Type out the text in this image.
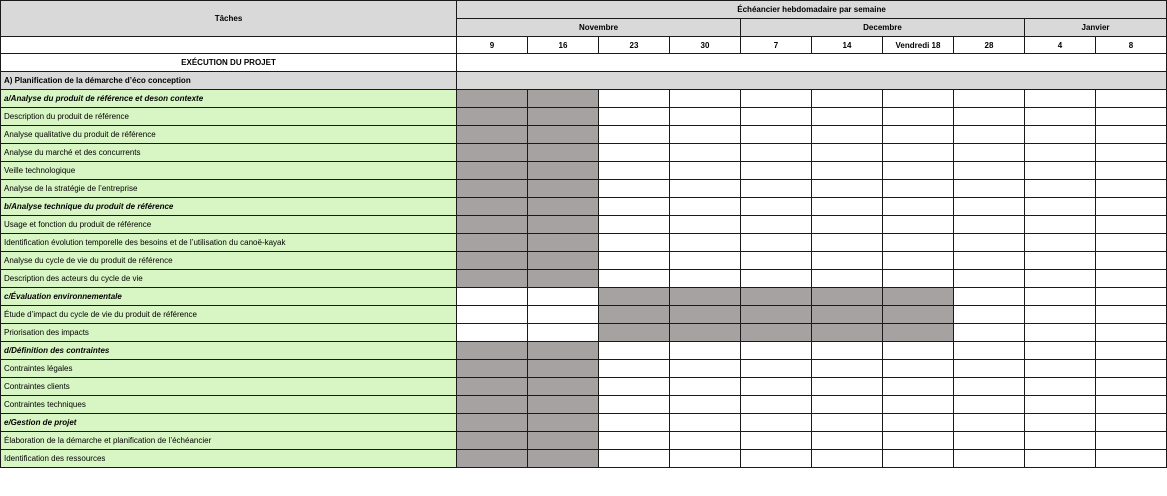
Tâches	Échéancier hebdomadaire par semaine									
	Novembre				Decembre				Janvier	
	9	16	23	30	7	14	Vendredi 18	28	4	8
EXÉCUTION DU PROJET										
A) Planification de la démarche d’éco conception										
a/Analyse du produit de référence et deson contexte										
Description du produit de référence										
Analyse qualitative du produit de référence										
Analyse du marché et des concurrents										
Veille technologique										
Analyse de la stratégie de l’entreprise										
b/Analyse technique du produit de référence										
Usage et fonction du produit de référence										
Identification évolution temporelle des besoins et de l’utilisation du canoë-kayak										
Analyse du cycle de vie du produit de référence										
Description des acteurs du cycle de vie										
c/Évaluation environnementale										
Étude d’impact du cycle de vie du produit de référence										
Priorisation des impacts										
d/Définition des contraintes										
Contraintes légales										
Contraintes clients										
Contraintes techniques										
e/Gestion de projet										
Élaboration de la démarche et planification de l’échéancier										
Identification des ressources										
